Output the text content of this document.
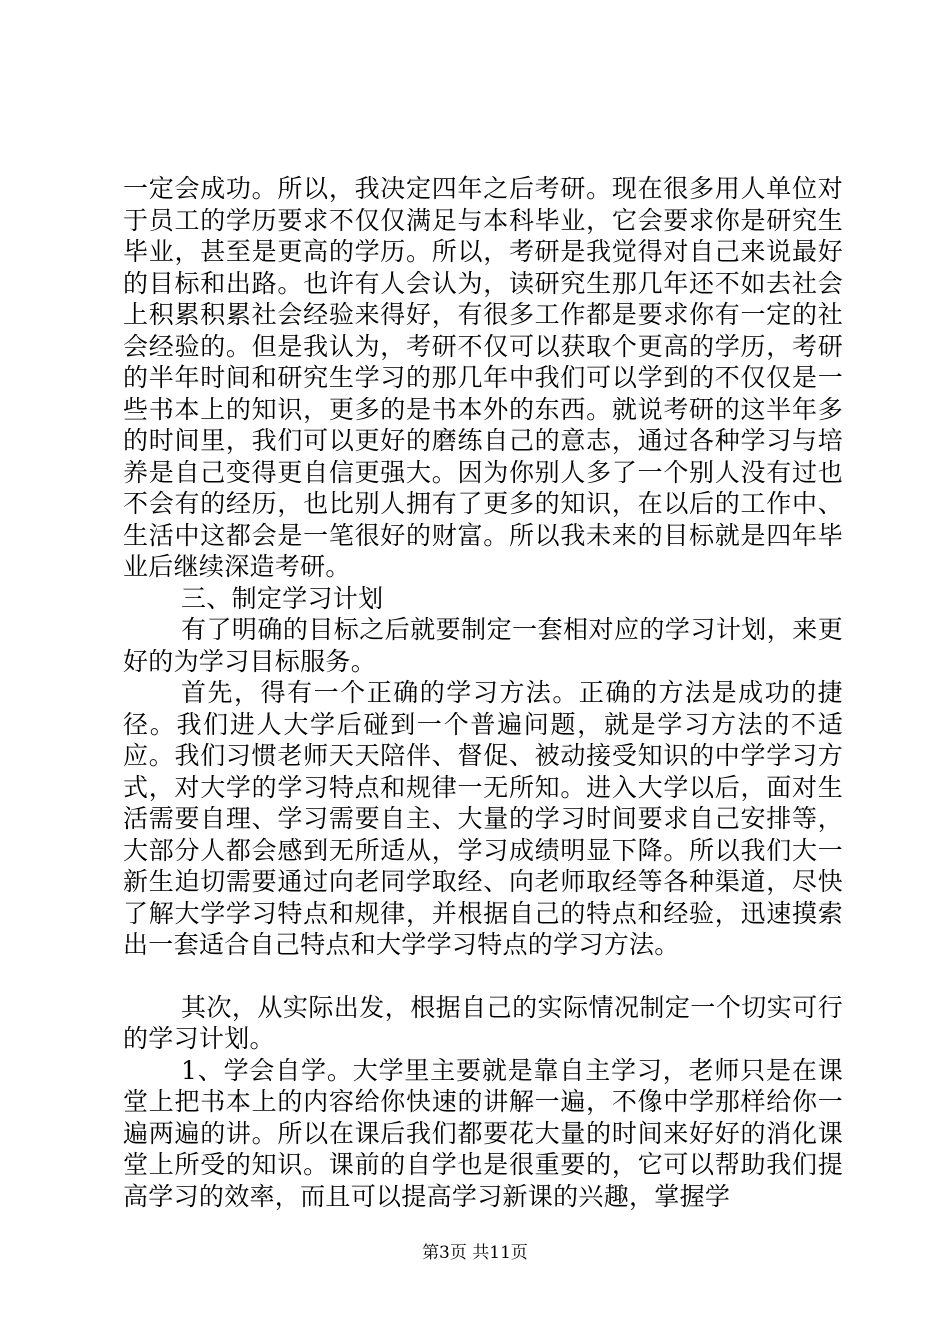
一定会成功。所以，我决定四年之后考研。现在很多用人单位对于员工的学历要求不仅仅满足与本科毕业，它会要求你是研究生毕业，甚至是更高的学历。所以，考研是我觉得对自己来说最好的目标和出路。也许有人会认为，读研究生那几年还不如去社会上积累积累社会经验来得好，有很多工作都是要求你有一定的社会经验的。但是我认为，考研不仅可以获取个更高的学历，考研的半年时间和研究生学习的那几年中我们可以学到的不仅仅是一些书本上的知识，更多的是书本外的东西。就说考研的这半年多的时间里，我们可以更好的磨练自己的意志，通过各种学习与培养是自己变得更自信更强大。因为你别人多了一个别人没有过也不会有的经历，也比别人拥有了更多的知识，在以后的工作中、生活中这都会是一笔很好的财富。所以我未来的目标就是四年毕业后继续深造考研。

三、制定学习计划

有了明确的目标之后就要制定一套相对应的学习计划，来更好的为学习目标服务。

首先，得有一个正确的学习方法。正确的方法是成功的捷径。我们进人大学后碰到一个普遍问题，就是学习方法的不适应。我们习惯老师天天陪伴、督促、被动接受知识的中学学习方式，对大学的学习特点和规律一无所知。进入大学以后，面对生活需要自理、学习需要自主、大量的学习时间要求自己安排等，大部分人都会感到无所适从，学习成绩明显下降。所以我们大一新生迫切需要通过向老同学取经、向老师取经等各种渠道，尽快了解大学学习特点和规律，并根据自己的特点和经验，迅速摸索出一套适合自己特点和大学学习特点的学习方法。

其次，从实际出发，根据自己的实际情况制定一个切实可行的学习计划。

1、学会自学。大学里主要就是靠自主学习，老师只是在课堂上把书本上的内容给你快速的讲解一遍，不像中学那样给你一遍两遍的讲。所以在课后我们都要花大量的时间来好好的消化课堂上所受的知识。课前的自学也是很重要的，它可以帮助我们提高学习的效率，而且可以提高学习新课的兴趣，掌握学

第3页 共11页
